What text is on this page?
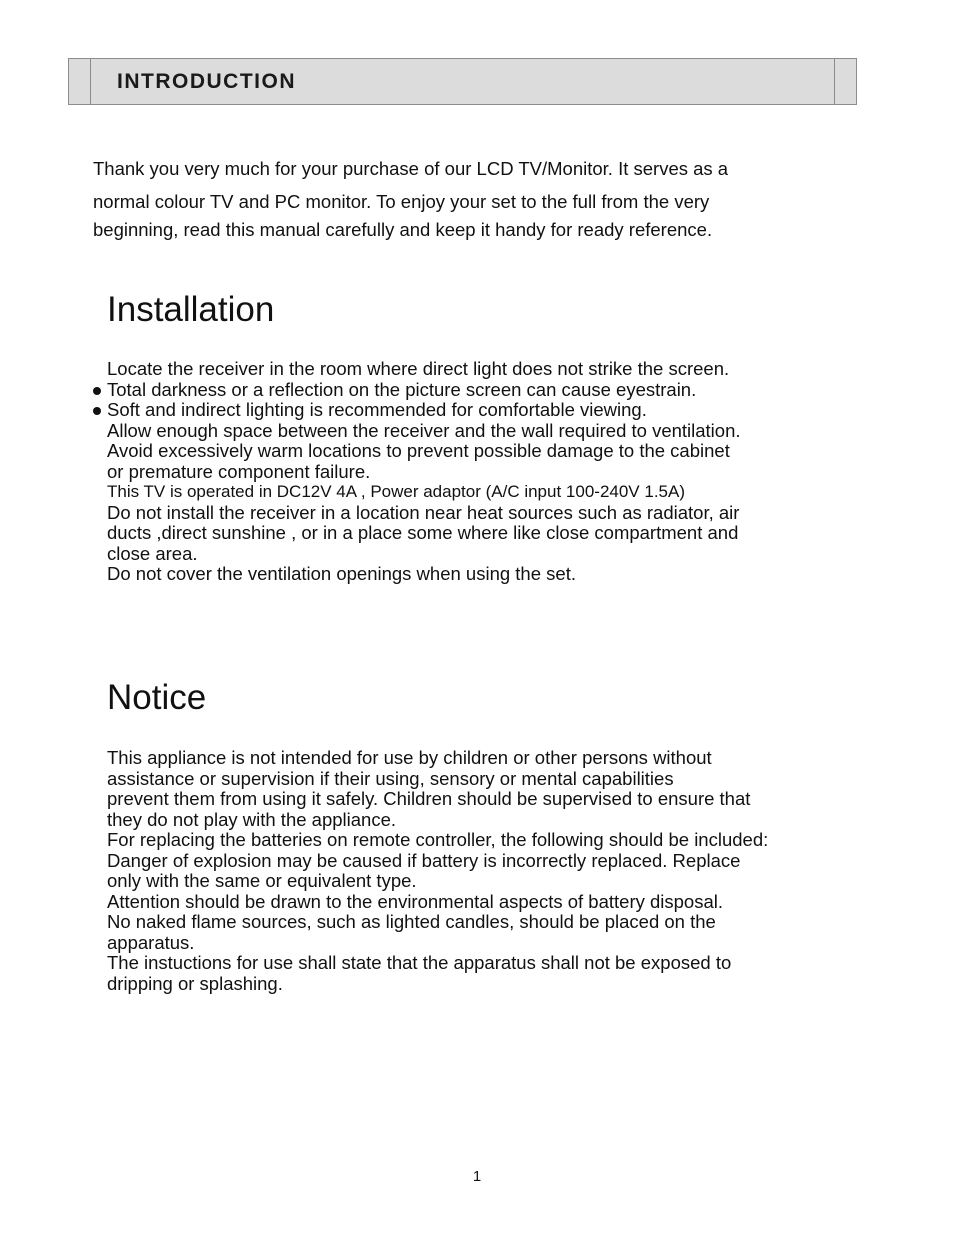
INTRODUCTION

Thank you very much for your purchase of our LCD TV/Monitor. It serves as a

normal colour TV and PC monitor. To enjoy your set to the full from the very

beginning, read this manual carefully and keep it handy for ready reference.

Installation

Locate the receiver in the room where direct light does not strike the screen.

Total darkness or a reflection on the picture screen can cause eyestrain.

Soft and indirect lighting is recommended for comfortable viewing.

Allow enough space between the receiver and the wall required to ventilation.

Avoid excessively warm locations to prevent possible damage to the cabinet

or premature component failure.

This TV is operated in DC12V 4A , Power adaptor (A/C input 100-240V 1.5A)

Do not install the receiver in a location near heat sources such as radiator, air

ducts ,direct sunshine , or in a place some where like close compartment and

close area.

Do not cover the ventilation openings when using the set.

Notice

This appliance is not intended for use by children or other persons without

assistance or supervision if their using, sensory or mental capabilities

prevent them from using it safely. Children should be supervised to ensure that

they do not play with the appliance.

For replacing the batteries on remote controller, the following should be included:

Danger of explosion may be caused if battery is incorrectly replaced. Replace

only with the same or equivalent type.

Attention should be drawn to the environmental aspects of battery disposal.

No naked flame sources, such as lighted candles, should be placed on the

apparatus.

The instuctions for use shall state that the apparatus shall not be exposed to

dripping or splashing.

1
